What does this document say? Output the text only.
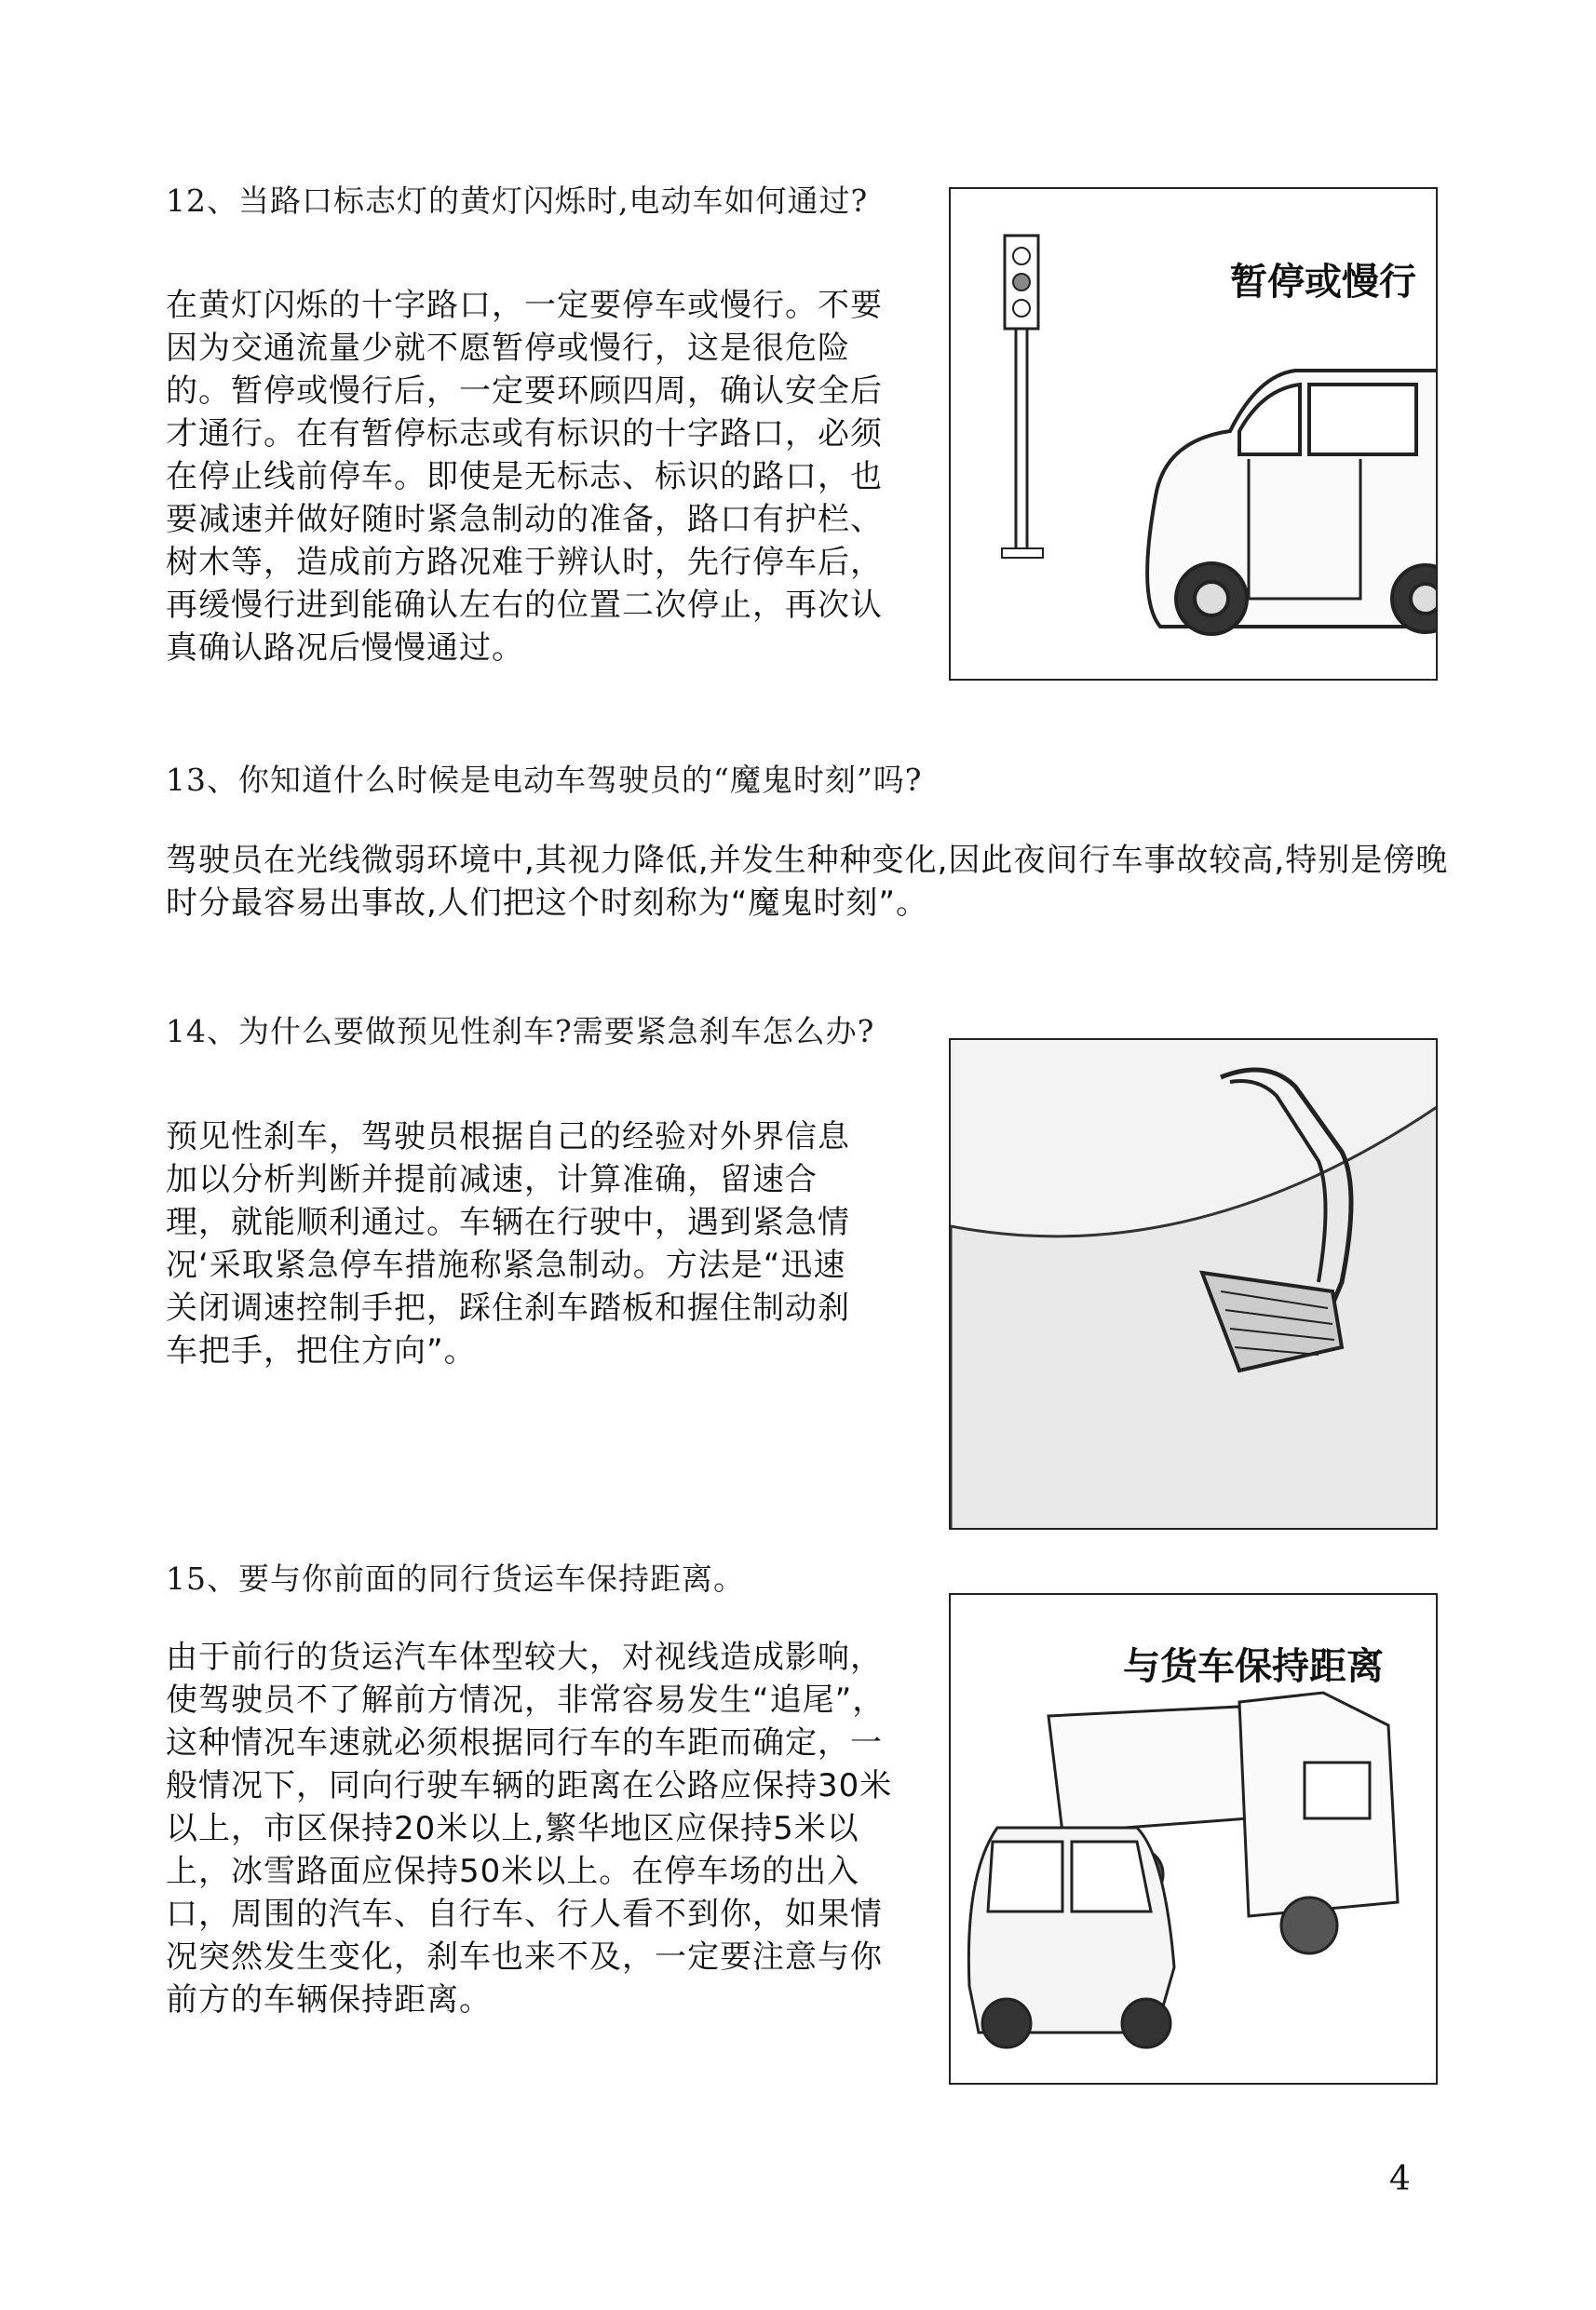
12、当路口标志灯的黄灯闪烁时,电动车如何通过?

在黄灯闪烁的十字路口，一定要停车或慢行。不要因为交通流量少就不愿暂停或慢行，这是很危险的。暂停或慢行后，一定要环顾四周，确认安全后才通行。在有暂停标志或有标识的十字路口，必须在停止线前停车。即使是无标志、标识的路口，也要减速并做好随时紧急制动的准备，路口有护栏、树木等，造成前方路况难于辨认时，先行停车后，再缓慢行进到能确认左右的位置二次停止，再次认真确认路况后慢慢通过。

暂停或慢行
13、你知道什么时候是电动车驾驶员的“魔鬼时刻”吗?

驾驶员在光线微弱环境中,其视力降低,并发生种种变化,因此夜间行车事故较高,特别是傍晚时分最容易出事故,人们把这个时刻称为“魔鬼时刻”。

14、为什么要做预见性刹车?需要紧急刹车怎么办?

预见性刹车，驾驶员根据自己的经验对外界信息加以分析判断并提前减速，计算准确，留速合理，就能顺利通过。车辆在行驶中，遇到紧急情况‘采取紧急停车措施称紧急制动。方法是“迅速关闭调速控制手把，踩住刹车踏板和握住制动刹车把手，把住方向”。

15、要与你前面的同行货运车保持距离。

由于前行的货运汽车体型较大，对视线造成影响，使驾驶员不了解前方情况，非常容易发生“追尾”，这种情况车速就必须根据同行车的车距而确定，一般情况下，同向行驶车辆的距离在公路应保持30米以上，市区保持20米以上,繁华地区应保持5米以上，冰雪路面应保持50米以上。在停车场的出入口，周围的汽车、自行车、行人看不到你，如果情况突然发生变化，刹车也来不及，一定要注意与你前方的车辆保持距离。

与货车保持距离
4
